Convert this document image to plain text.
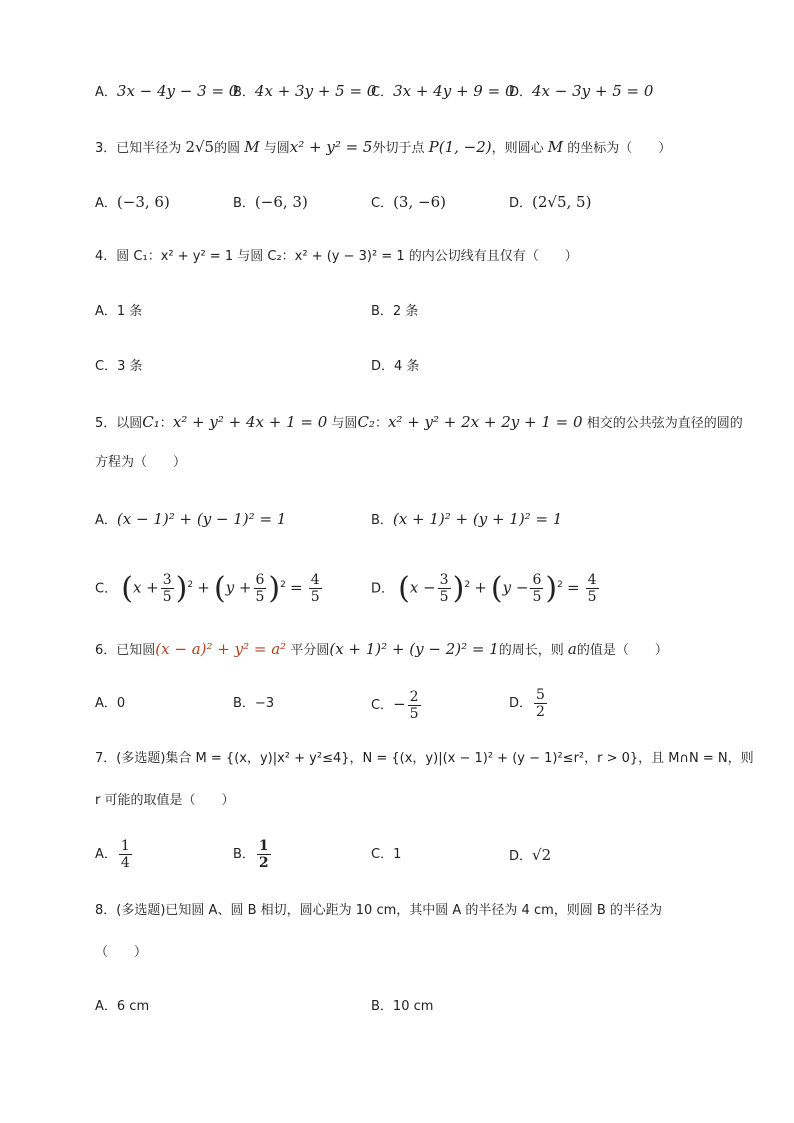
A．3x − 4y − 3 = 0
B．4x + 3y + 5 = 0
C．3x + 4y + 9 = 0
D．4x − 3y + 5 = 0
3．已知半径为 2√5的圆 M 与圆x² + y² = 5外切于点 P(1, −2)，则圆心 M 的坐标为（　　）
A．(−3, 6)	B．(−6, 3)	C．(3, −6)	D．(2√5, 5)
4．圆 C₁：x² + y² = 1 与圆 C₂：x² + (y − 3)² = 1 的内公切线有且仅有（　　）
A．1 条	B．2 条
C．3 条	D．4 条
5．以圆C₁：x² + y² + 4x + 1 = 0 与圆C₂：x² + y² + 2x + 2y + 1 = 0 相交的公共弦为直径的圆的
方程为（　　）
A．(x − 1)² + (y − 1)² = 1	B．(x + 1)² + (y + 1)² = 1
C． $(x + \frac{3}{5} )^2 + (y + \frac{6}{5} )^2 = \frac{4}{5}$	D． $(x - \frac{3}{5} )^2 + (y - \frac{6}{5} )^2 = \frac{4}{5}$
6．已知圆(x − a)² + y² = a² 平分圆(x + 1)² + (y − 2)² = 1的周长，则 a的值是（　　）
A．0	B．−3	C．− $\frac{2}{5}$	D． $\frac{5}{2}$
7．(多选题)集合 M = {(x，y)|x² + y²≤4}，N = {(x，y)|(x − 1)² + (y − 1)²≤r²，r > 0}，且 M∩N = N，则
r 可能的取值是（　　）
A． $\frac{1}{4}$	B． $\frac{1}{2}$	C．1	D．√2
8．(多选题)已知圆 A、圆 B 相切，圆心距为 10 cm，其中圆 A 的半径为 4 cm，则圆 B 的半径为
（　　）
A．6 cm	B．10 cm
